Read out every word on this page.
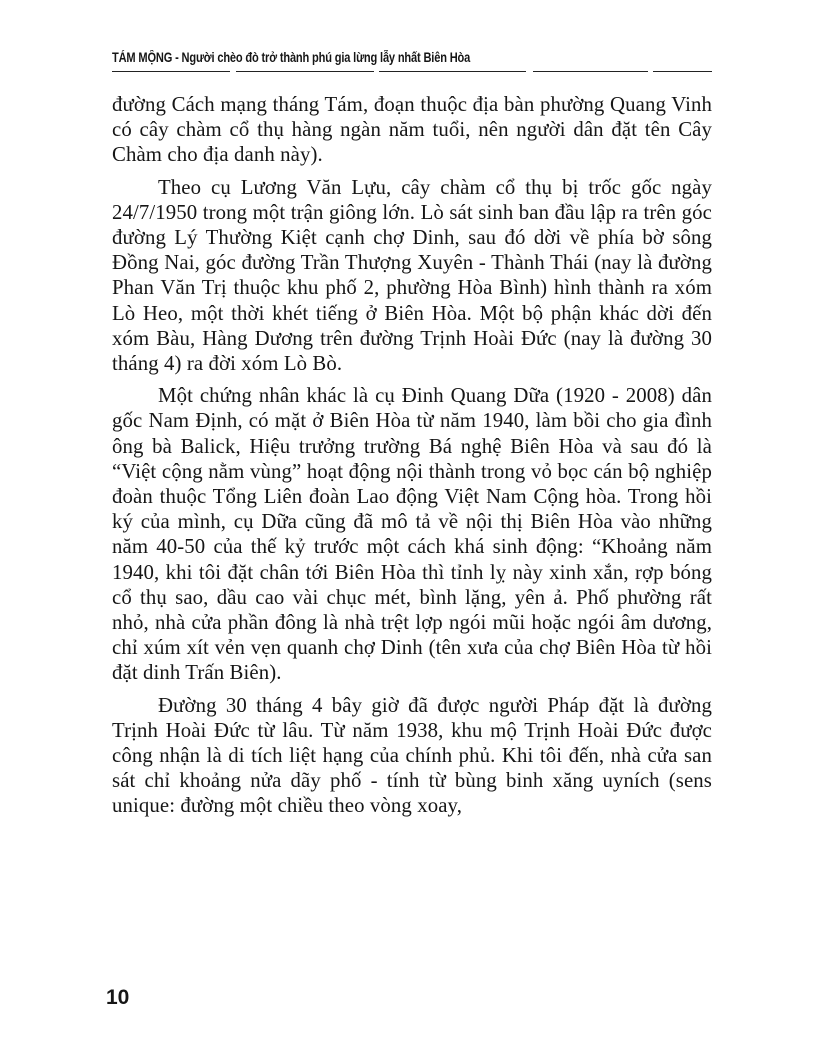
TÁM MỘNG - Người chèo đò trở thành phú gia lừng lẫy nhất Biên Hòa

đường Cách mạng tháng Tám, đoạn thuộc địa bàn phường Quang Vinh có cây chàm cổ thụ hàng ngàn năm tuổi, nên người dân đặt tên Cây Chàm cho địa danh này).

Theo cụ Lương Văn Lựu, cây chàm cổ thụ bị trốc gốc ngày 24/7/1950 trong một trận giông lớn. Lò sát sinh ban đầu lập ra trên góc đường Lý Thường Kiệt cạnh chợ Dinh, sau đó dời về phía bờ sông Đồng Nai, góc đường Trần Thượng Xuyên - Thành Thái (nay là đường Phan Văn Trị thuộc khu phố 2, phường Hòa Bình) hình thành ra xóm Lò Heo, một thời khét tiếng ở Biên Hòa. Một bộ phận khác dời đến xóm Bàu, Hàng Dương trên đường Trịnh Hoài Đức (nay là đường 30 tháng 4) ra đời xóm Lò Bò.

Một chứng nhân khác là cụ Đinh Quang Dữa (1920 - 2008) dân gốc Nam Định, có mặt ở Biên Hòa từ năm 1940, làm bồi cho gia đình ông bà Balick, Hiệu trưởng trường Bá nghệ Biên Hòa và sau đó là “Việt cộng nằm vùng” hoạt động nội thành trong vỏ bọc cán bộ nghiệp đoàn thuộc Tổng Liên đoàn Lao động Việt Nam Cộng hòa. Trong hồi ký của mình, cụ Dữa cũng đã mô tả về nội thị Biên Hòa vào những năm 40-50 của thế kỷ trước một cách khá sinh động: “Khoảng năm 1940, khi tôi đặt chân tới Biên Hòa thì tỉnh lỵ này xinh xắn, rợp bóng cổ thụ sao, dầu cao vài chục mét, bình lặng, yên ả. Phố phường rất nhỏ, nhà cửa phần đông là nhà trệt lợp ngói mũi hoặc ngói âm dương, chỉ xúm xít vẻn vẹn quanh chợ Dinh (tên xưa của chợ Biên Hòa từ hồi đặt dinh Trấn Biên).

Đường 30 tháng 4 bây giờ đã được người Pháp đặt là đường Trịnh Hoài Đức từ lâu. Từ năm 1938, khu mộ Trịnh Hoài Đức được công nhận là di tích liệt hạng của chính phủ. Khi tôi đến, nhà cửa san sát chỉ khoảng nửa dãy phố - tính từ bùng binh xăng uyních (sens unique: đường một chiều theo vòng xoay,

10
